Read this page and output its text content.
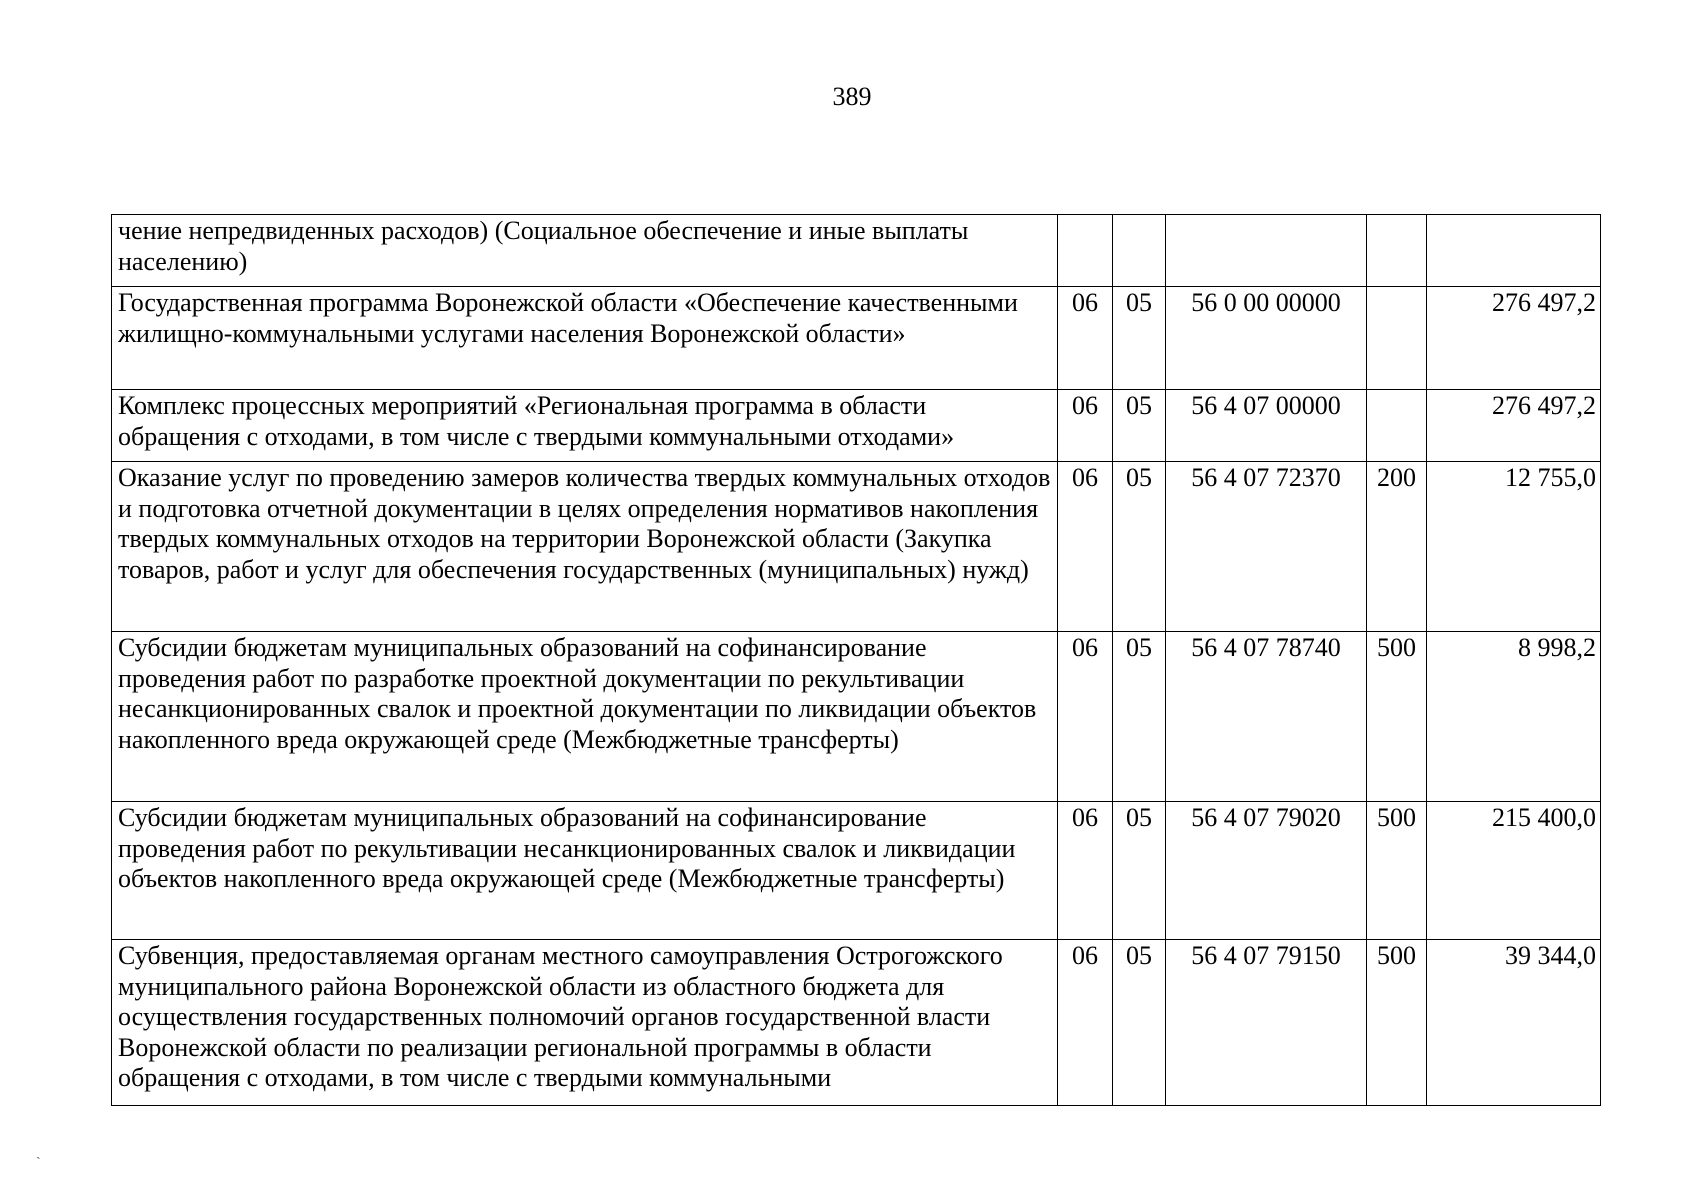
389
чение непредвиденных расходов) (Социальное обеспечение и иные выплаты населению)					
Государственная программа Воронежской области «Обеспечение качественными жилищно-коммунальными услугами населения Воронежской области»	06	05	56 0 00 00000		276 497,2
Комплекс процессных мероприятий «Региональная программа в области обращения с отходами, в том числе с твердыми коммунальными отходами»	06	05	56 4 07 00000		276 497,2
Оказание услуг по проведению замеров количества твердых коммунальных отходов и подготовка отчетной документации в целях определения нормативов накопления твердых коммунальных отходов на территории Воронежской области (Закупка товаров, работ и услуг для обеспечения государственных (муниципальных) нужд)	06	05	56 4 07 72370	200	12 755,0
Субсидии бюджетам муниципальных образований на софинансирование проведения работ по разработке проектной документации по рекультивации несанкционированных свалок и проектной документации по ликвидации объектов накопленного вреда окружающей среде (Межбюджетные трансферты)	06	05	56 4 07 78740	500	8 998,2
Субсидии бюджетам муниципальных образований на софинансирование проведения работ по рекультивации несанкционированных свалок и ликвидации объектов накопленного вреда окружающей среде (Межбюджетные трансферты)	06	05	56 4 07 79020	500	215 400,0
Субвенция, предоставляемая органам местного самоуправления Острогожского муниципального района Воронежской области из областного бюджета для осуществления государственных полномочий органов государственной власти Воронежской области по реализации региональной программы в области обращения с отходами, в том числе с твердыми коммунальными	06	05	56 4 07 79150	500	39 344,0
ˎ
